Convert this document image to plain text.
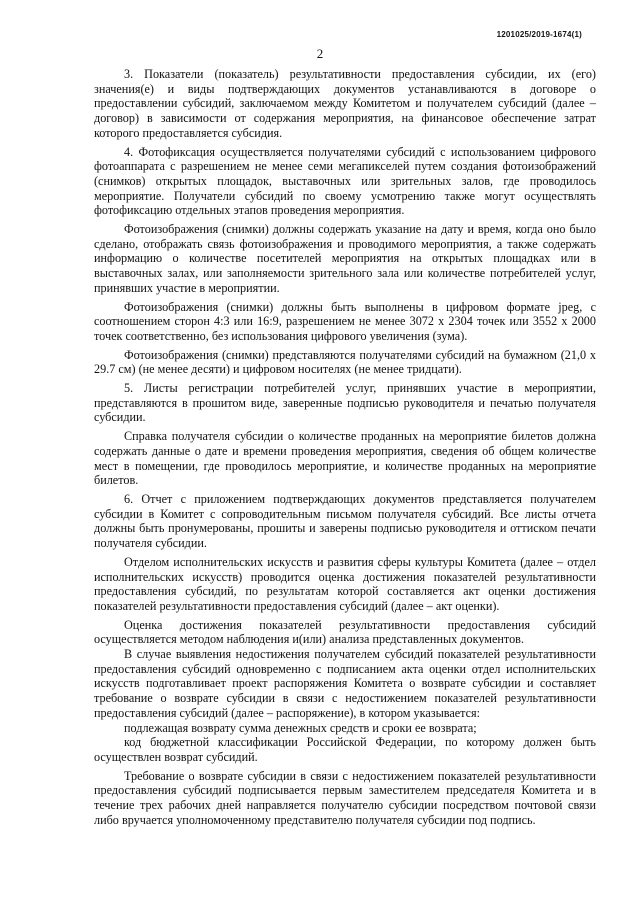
1201025/2019-1674(1)
2

3. Показатели (показатель) результативности предоставления субсидии, их (его) значения(е) и виды подтверждающих документов устанавливаются в договоре о предоставлении субсидий, заключаемом между Комитетом и получателем субсидий (далее – договор) в зависимости от содержания мероприятия, на финансовое обеспечение затрат которого предоставляется субсидия.

4. Фотофиксация осуществляется получателями субсидий с использованием цифрового фотоаппарата с разрешением не менее семи мегапикселей путем создания фотоизображений (снимков) открытых площадок, выставочных или зрительных залов, где проводилось мероприятие. Получатели субсидий по своему усмотрению также могут осуществлять фотофиксацию отдельных этапов проведения мероприятия.

Фотоизображения (снимки) должны содержать указание на дату и время, когда оно было сделано, отображать связь фотоизображения и проводимого мероприятия, а также содержать информацию о количестве посетителей мероприятия на открытых площадках или в выставочных залах, или заполняемости зрительного зала или количестве потребителей услуг, принявших участие в мероприятии.

Фотоизображения (снимки) должны быть выполнены в цифровом формате jpeg, с соотношением сторон 4:3 или 16:9, разрешением не менее 3072 x 2304 точек или 3552 x 2000 точек соответственно, без использования цифрового увеличения (зума).

Фотоизображения (снимки) представляются получателями субсидий на бумажном (21,0 x 29.7 см) (не менее десяти) и цифровом носителях (не менее тридцати).

5. Листы регистрации потребителей услуг, принявших участие в мероприятии, представляются в прошитом виде, заверенные подписью руководителя и печатью получателя субсидии.

Справка получателя субсидии о количестве проданных на мероприятие билетов должна содержать данные о дате и времени проведения мероприятия, сведения об общем количестве мест в помещении, где проводилось мероприятие, и количестве проданных на мероприятие билетов.

6. Отчет с приложением подтверждающих документов представляется получателем субсидии в Комитет с сопроводительным письмом получателя субсидий. Все листы отчета должны быть пронумерованы, прошиты и заверены подписью руководителя и оттиском печати получателя субсидии.

Отделом исполнительских искусств и развития сферы культуры Комитета (далее – отдел исполнительских искусств) проводится оценка достижения показателей результативности предоставления субсидий, по результатам которой составляется акт оценки достижения показателей результативности предоставления субсидий (далее – акт оценки).

Оценка достижения показателей результативности предоставления субсидий осуществляется методом наблюдения и(или) анализа представленных документов.

В случае выявления недостижения получателем субсидий показателей результативности предоставления субсидий одновременно с подписанием акта оценки отдел исполнительских искусств подготавливает проект распоряжения Комитета о возврате субсидии и составляет требование о возврате субсидии в связи с недостижением показателей результативности предоставления субсидий (далее – распоряжение), в котором указывается:

подлежащая возврату сумма денежных средств и сроки ее возврата;

код бюджетной классификации Российской Федерации, по которому должен быть осуществлен возврат субсидий.

Требование о возврате субсидии в связи с недостижением показателей результативности предоставления субсидий подписывается первым заместителем председателя Комитета и в течение трех рабочих дней направляется получателю субсидии посредством почтовой связи либо вручается уполномоченному представителю получателя субсидии под подпись.
